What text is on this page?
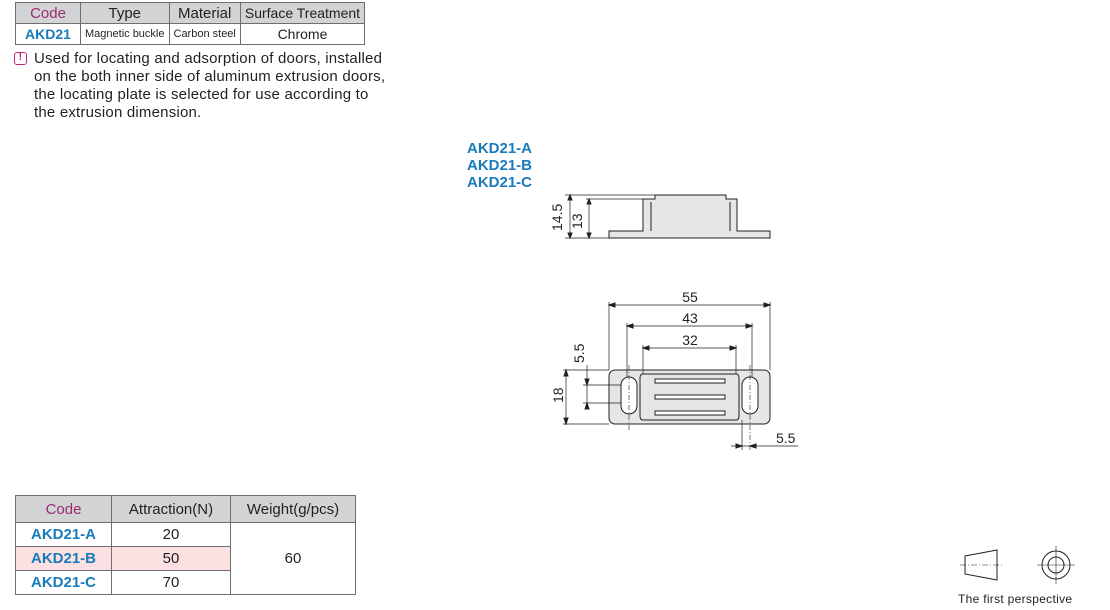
Code	Type	Material	Surface Treatment
AKD21	Magnetic buckle	Carbon steel	Chrome
! Used for locating and adsorption of doors, installed on the both inner side of aluminum extrusion doors, the locating plate is selected for use according to the extrusion dimension.
AKD21-A
AKD21-B
AKD21-C
14.5 13
55
43
32
5.5
18
5.5
Code	Attraction(N)	Weight(g/pcs)
AKD21-A	20	60
AKD21-B	50	
AKD21-C	70	
The first perspective
